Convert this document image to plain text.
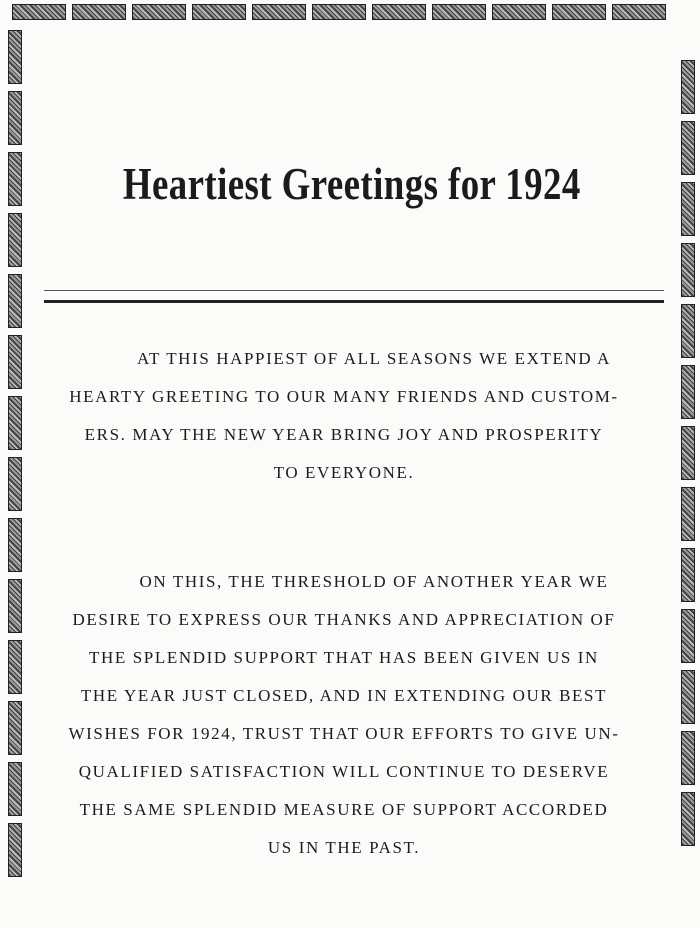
Heartiest Greetings for 1924
AT THIS HAPPIEST OF ALL SEASONS WE EXTEND A
HEARTY GREETING TO OUR MANY FRIENDS AND CUSTOM-
ERS. MAY THE NEW YEAR BRING JOY AND PROSPERITY
TO EVERYONE.
ON THIS, THE THRESHOLD OF ANOTHER YEAR WE
DESIRE TO EXPRESS OUR THANKS AND APPRECIATION OF
THE SPLENDID SUPPORT THAT HAS BEEN GIVEN US IN
THE YEAR JUST CLOSED, AND IN EXTENDING OUR BEST
WISHES FOR 1924, TRUST THAT OUR EFFORTS TO GIVE UN-
QUALIFIED SATISFACTION WILL CONTINUE TO DESERVE
THE SAME SPLENDID MEASURE OF SUPPORT ACCORDED
US IN THE PAST.
